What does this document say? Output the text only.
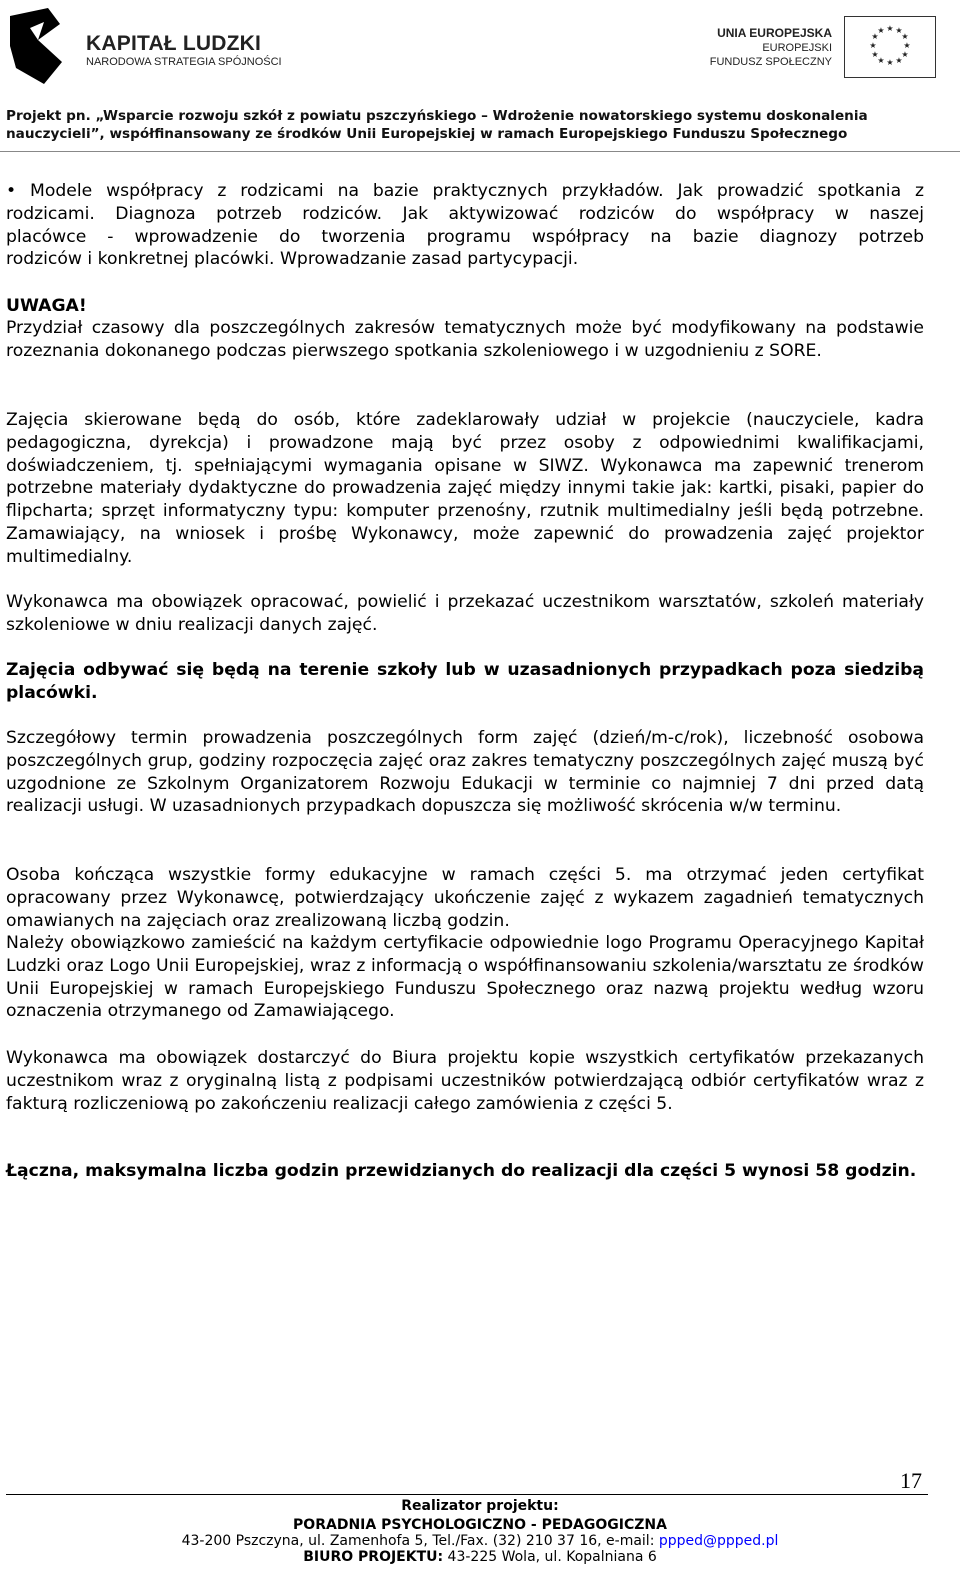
KAPITAŁ LUDZKI
NARODOWA STRATEGIA SPÓJNOŚCI
UNIA EUROPEJSKA
EUROPEJSKI
FUNDUSZ SPOŁECZNY
★ ★
★
★
★
★
★
★
★
★
★
★
Projekt pn. „Wsparcie rozwoju szkół z powiatu pszczyńskiego – Wdrożenie nowatorskiego systemu doskonalenia
nauczycieli”, współfinansowany ze środków Unii Europejskiej w ramach Europejskiego Funduszu Społecznego
• Modele współpracy z rodzicami na bazie praktycznych przykładów. Jak prowadzić spotkania z
rodzicami. Diagnoza potrzeb rodziców. Jak aktywizować rodziców do współpracy w naszej
placówce - wprowadzenie do tworzenia programu współpracy na bazie diagnozy potrzeb
rodziców i konkretnej placówki. Wprowadzanie zasad partycypacji.
UWAGA!
Przydział czasowy dla poszczególnych zakresów tematycznych może być modyfikowany na podstawie rozeznania dokonanego podczas pierwszego spotkania szkoleniowego i w uzgodnieniu z SORE.
Zajęcia skierowane będą do osób, które zadeklarowały udział w projekcie (nauczyciele, kadra pedagogiczna, dyrekcja) i prowadzone mają być przez osoby z odpowiednimi kwalifikacjami, doświadczeniem, tj. spełniającymi wymagania opisane w SIWZ. Wykonawca ma zapewnić trenerom potrzebne materiały dydaktyczne do prowadzenia zajęć między innymi takie jak: kartki, pisaki, papier do flipcharta; sprzęt informatyczny typu: komputer przenośny, rzutnik multimedialny jeśli będą potrzebne. Zamawiający, na wniosek i prośbę Wykonawcy, może zapewnić do prowadzenia zajęć projektor multimedialny.
Wykonawca ma obowiązek opracować, powielić i przekazać uczestnikom warsztatów, szkoleń materiały szkoleniowe w dniu realizacji danych zajęć.
Zajęcia odbywać się będą na terenie szkoły lub w uzasadnionych przypadkach poza siedzibą placówki.
Szczegółowy termin prowadzenia poszczególnych form zajęć (dzień/m-c/rok), liczebność osobowa poszczególnych grup, godziny rozpoczęcia zajęć oraz zakres tematyczny poszczególnych zajęć muszą być uzgodnione ze Szkolnym Organizatorem Rozwoju Edukacji w terminie co najmniej 7 dni przed datą realizacji usługi. W uzasadnionych przypadkach dopuszcza się możliwość skrócenia w/w terminu.
Osoba kończąca wszystkie formy edukacyjne w ramach części 5. ma otrzymać jeden certyfikat opracowany przez Wykonawcę, potwierdzający ukończenie zajęć z wykazem zagadnień tematycznych omawianych na zajęciach oraz zrealizowaną liczbą godzin.
Należy obowiązkowo zamieścić na każdym certyfikacie odpowiednie logo Programu Operacyjnego Kapitał Ludzki oraz Logo Unii Europejskiej, wraz z informacją o współfinansowaniu szkolenia/warsztatu ze środków Unii Europejskiej w ramach Europejskiego Funduszu Społecznego oraz nazwą projektu według wzoru oznaczenia otrzymanego od Zamawiającego.
Wykonawca ma obowiązek dostarczyć do Biura projektu kopie wszystkich certyfikatów przekazanych uczestnikom wraz z oryginalną listą z podpisami uczestników potwierdzającą odbiór certyfikatów wraz z fakturą rozliczeniową po zakończeniu realizacji całego zamówienia z części 5.
Łączna, maksymalna liczba godzin przewidzianych do realizacji dla części 5 wynosi 58 godzin.
17
Realizator projektu:
PORADNIA PSYCHOLOGICZNO - PEDAGOGICZNA
43-200 Pszczyna, ul. Zamenhofa 5, Tel./Fax. (32) 210 37 16, e-mail: ppped@ppped.pl
BIURO PROJEKTU: 43-225 Wola, ul. Kopalniana 6
